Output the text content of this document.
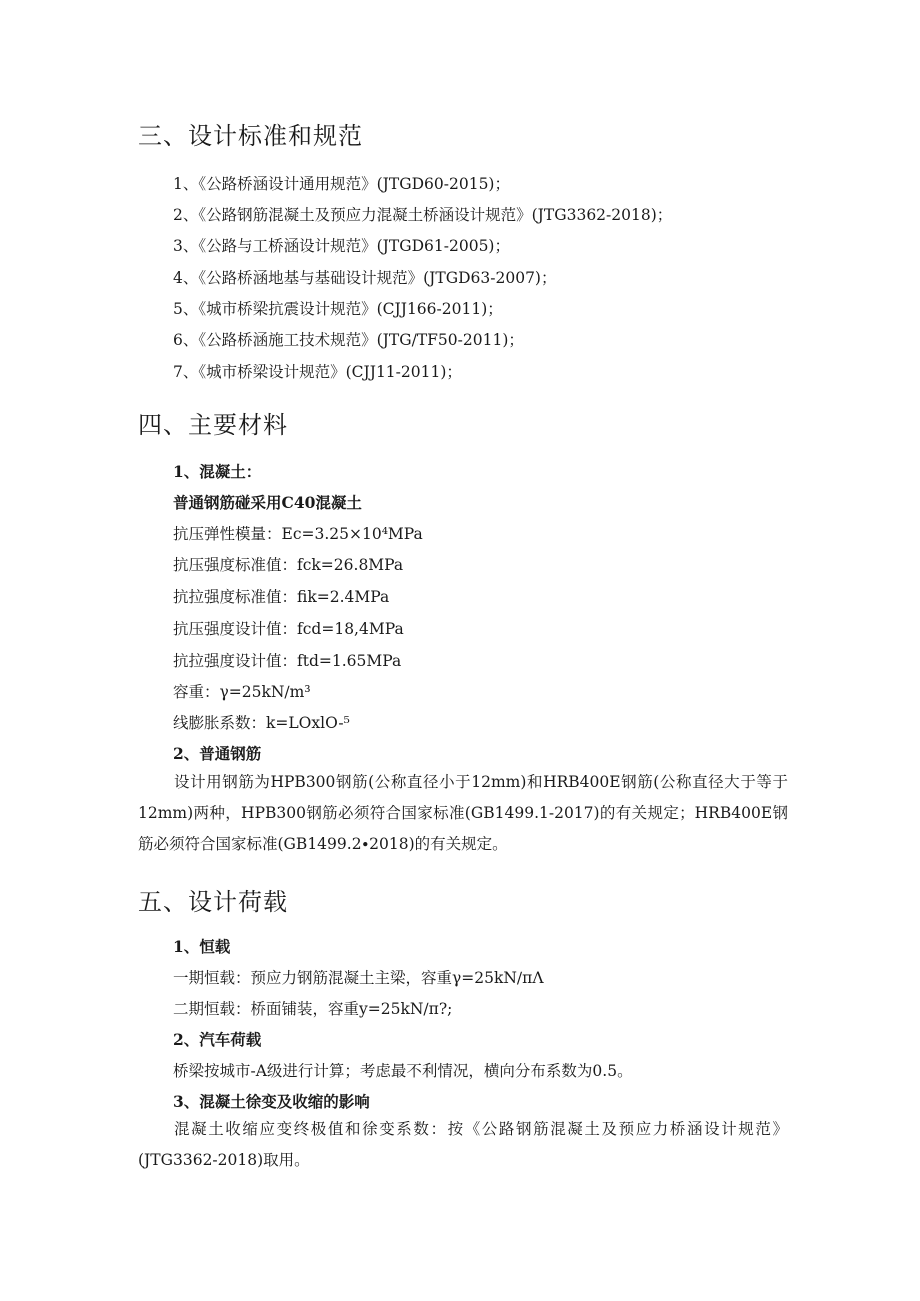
三、设计标准和规范
1、《公路桥涵设计通用规范》(JTGD60-2015)；
2、《公路钢筋混凝土及预应力混凝土桥涵设计规范》(JTG3362-2018)；
3、《公路与工桥涵设计规范》(JTGD61-2005)；
4、《公路桥涵地基与基础设计规范》(JTGD63-2007)；
5、《城市桥梁抗震设计规范》(CJJ166-2011)；
6、《公路桥涵施工技术规范》(JTG/TF50-2011)；
7、《城市桥梁设计规范》(CJJ11-2011)；
四、主要材料
1、混凝土：
普通钢筋碰采用C40混凝土
抗压弹性模量：Ec=3.25×10⁴MPa
抗压强度标准值：fck=26.8MPa
抗拉强度标准值：fik=2.4MPa
抗压强度设计值：fcd=18,4MPa
抗拉强度设计值：ftd=1.65MPa
容重：γ=25kN∕m³
线膨胀系数：k=LOxlO-⁵
2、普通钢筋

设计用钢筋为HPB300钢筋(公称直径小于12mm)和HRB400E钢筋(公称直径大于等于12mm)两种，HPB300钢筋必须符合国家标准(GB1499.1-2017)的有关规定；HRB400E钢筋必须符合国家标准(GB1499.2∙2018)的有关规定。

五、设计荷载
1、恒载
一期恒载：预应力钢筋混凝土主梁，容重γ=25kN∕πΛ
二期恒载：桥面铺装，容重y=25kN∕π?;
2、汽车荷载
桥梁按城市-A级进行计算；考虑最不利情况，横向分布系数为0.5。
3、混凝土徐变及收缩的影响

混凝土收缩应变终极值和徐变系数：按《公路钢筋混凝土及预应力桥涵设计规范》(JTG3362-2018)取用。
